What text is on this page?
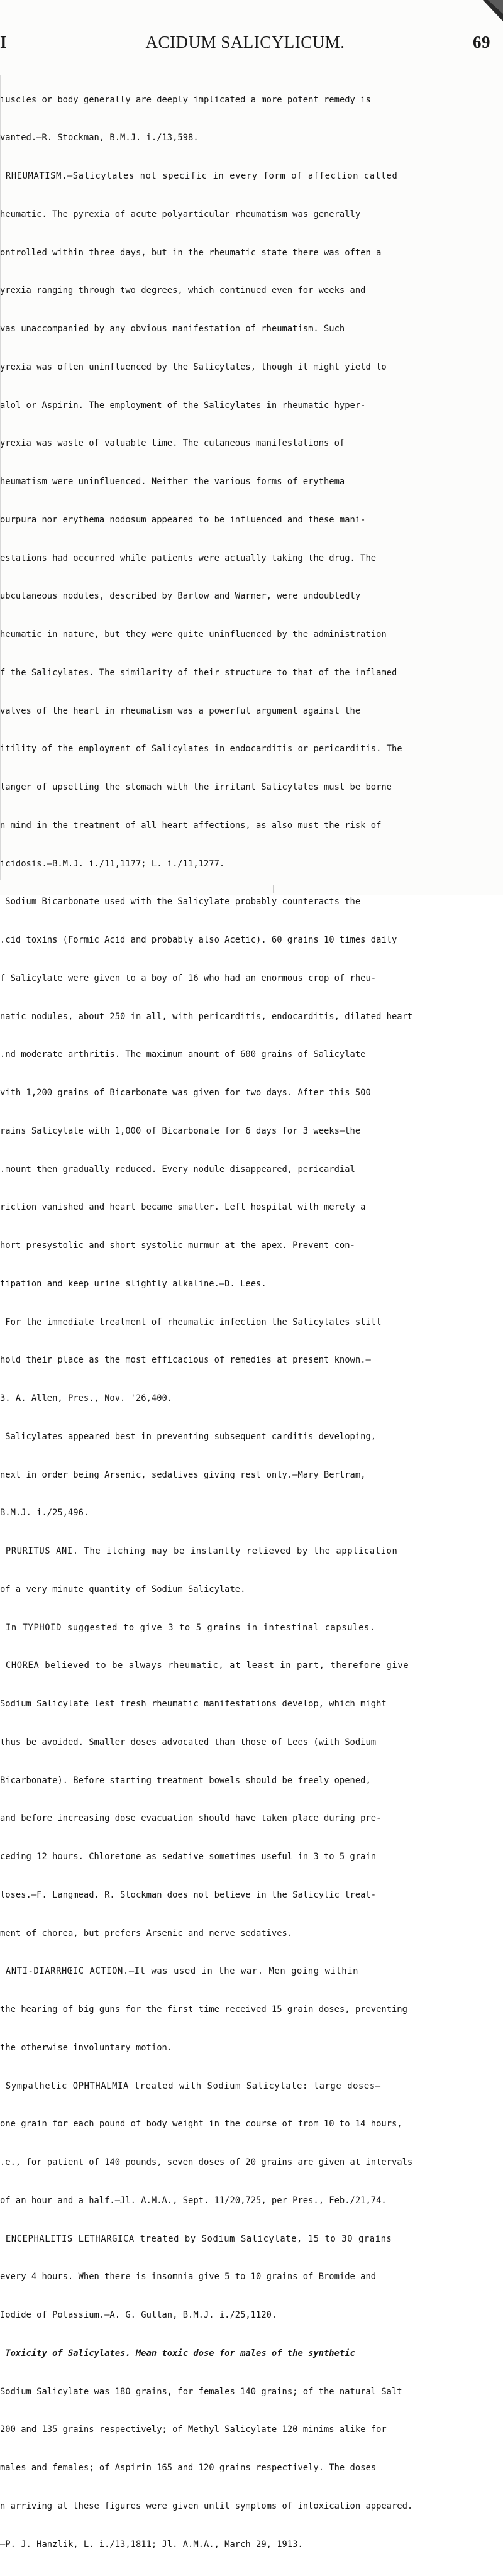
I	ACIDUM SALICYLICUM.	69

ıuscles or body generally are deeply implicated a more potent remedy is

vanted.—R. Stockman, B.M.J. i./13,598.

RHEUMATISM.—Salicylates not specific in every form of affection called

heumatic. The pyrexia of acute polyarticular rheumatism was generally

ontrolled within three days, but in the rheumatic state there was often a

yrexia ranging through two degrees, which continued even for weeks and

vas unaccompanied by any obvious manifestation of rheumatism. Such

yrexia was often uninfluenced by the Salicylates, though it might yield to

alol or Aspirin. The employment of the Salicylates in rheumatic hyper-

yrexia was waste of valuable time. The cutaneous manifestations of

heumatism were uninfluenced. Neither the various forms of erythema

ourpura nor erythema nodosum appeared to be influenced and these mani-

estations had occurred while patients were actually taking the drug. The

ubcutaneous nodules, described by Barlow and Warner, were undoubtedly

heumatic in nature, but they were quite uninfluenced by the administration

f the Salicylates. The similarity of their structure to that of the inflamed

valves of the heart in rheumatism was a powerful argument against the

itility of the employment of Salicylates in endocarditis or pericarditis. The

langer of upsetting the stomach with the irritant Salicylates must be borne

n mind in the treatment of all heart affections, as also must the risk of

icidosis.—B.M.J. i./11,1177; L. i./11,1277.

Sodium Bicarbonate used with the Salicylate probably counteracts the

.cid toxins (Formic Acid and probably also Acetic). 60 grains 10 times daily

f Salicylate were given to a boy of 16 who had an enormous crop of rheu-

natic nodules, about 250 in all, with pericarditis, endocarditis, dilated heart

.nd moderate arthritis. The maximum amount of 600 grains of Salicylate

vith 1,200 grains of Bicarbonate was given for two days. After this 500

rains Salicylate with 1,000 of Bicarbonate for 6 days for 3 weeks—the

.mount then gradually reduced. Every nodule disappeared, pericardial

riction vanished and heart became smaller. Left hospital with merely a

hort presystolic and short systolic murmur at the apex. Prevent con-

tipation and keep urine slightly alkaline.—D. Lees.

For the immediate treatment of rheumatic infection the Salicylates still

hold their place as the most efficacious of remedies at present known.—

3. A. Allen, Pres., Nov. '26,400.

Salicylates appeared best in preventing subsequent carditis developing,

next in order being Arsenic, sedatives giving rest only.—Mary Bertram,

B.M.J. i./25,496.

PRURITUS ANI. The itching may be instantly relieved by the application

of a very minute quantity of Sodium Salicylate.

In TYPHOID suggested to give 3 to 5 grains in intestinal capsules.

CHOREA believed to be always rheumatic, at least in part, therefore give

Sodium Salicylate lest fresh rheumatic manifestations develop, which might

thus be avoided. Smaller doses advocated than those of Lees (with Sodium

Bicarbonate). Before starting treatment bowels should be freely opened,

and before increasing dose evacuation should have taken place during pre-

ceding 12 hours. Chloretone as sedative sometimes useful in 3 to 5 grain

loses.—F. Langmead. R. Stockman does not believe in the Salicylic treat-

ment of chorea, but prefers Arsenic and nerve sedatives.

ANTI-DIARRHŒIC ACTION.—It was used in the war. Men going within

the hearing of big guns for the first time received 15 grain doses, preventing

the otherwise involuntary motion.

Sympathetic OPHTHALMIA treated with Sodium Salicylate: large doses—

one grain for each pound of body weight in the course of from 10 to 14 hours,

.e., for patient of 140 pounds, seven doses of 20 grains are given at intervals

of an hour and a half.—Jl. A.M.A., Sept. 11/20,725, per Pres., Feb./21,74.

ENCEPHALITIS LETHARGICA treated by Sodium Salicylate, 15 to 30 grains

every 4 hours. When there is insomnia give 5 to 10 grains of Bromide and

Iodide of Potassium.—A. G. Gullan, B.M.J. i./25,1120.

Toxicity of Salicylates. Mean toxic dose for males of the synthetic

Sodium Salicylate was 180 grains, for females 140 grains; of the natural Salt

200 and 135 grains respectively; of Methyl Salicylate 120 minims alike for

males and females; of Aspirin 165 and 120 grains respectively. The doses

n arriving at these figures were given until symptoms of intoxication appeared.

—P. J. Hanzlik, L. i./13,1811; Jl. A.M.A., March 29, 1913.
